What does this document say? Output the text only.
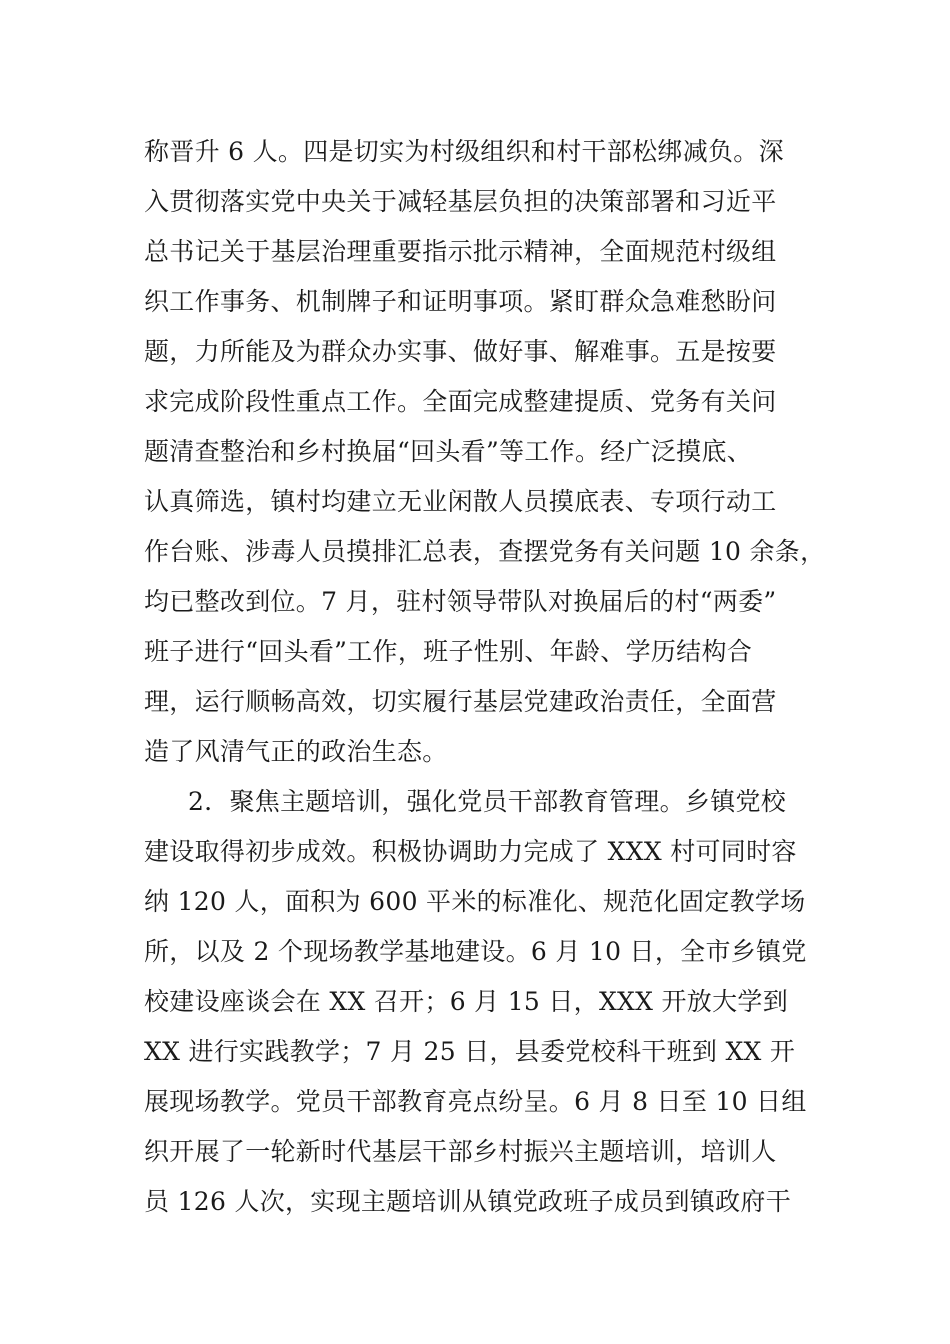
称晋升 6 人。四是切实为村级组织和村干部松绑减负。深

入贯彻落实党中央关于减轻基层负担的决策部署和习近平

总书记关于基层治理重要指示批示精神，全面规范村级组

织工作事务、机制牌子和证明事项。紧盯群众急难愁盼问

题，力所能及为群众办实事、做好事、解难事。五是按要

求完成阶段性重点工作。全面完成整建提质、党务有关问

题清查整治和乡村换届“回头看”等工作。经广泛摸底、

认真筛选，镇村均建立无业闲散人员摸底表、专项行动工

作台账、涉毒人员摸排汇总表，查摆党务有关问题 10 余条，

均已整改到位。7 月，驻村领导带队对换届后的村“两委”

班子进行“回头看”工作，班子性别、年龄、学历结构合

理，运行顺畅高效，切实履行基层党建政治责任，全面营

造了风清气正的政治生态。

2．聚焦主题培训，强化党员干部教育管理。乡镇党校

建设取得初步成效。积极协调助力完成了 XXX 村可同时容

纳 120 人，面积为 600 平米的标准化、规范化固定教学场

所，以及 2 个现场教学基地建设。6 月 10 日，全市乡镇党

校建设座谈会在 XX 召开；6 月 15 日，XXX 开放大学到

XX 进行实践教学；7 月 25 日，县委党校科干班到 XX 开

展现场教学。党员干部教育亮点纷呈。6 月 8 日至 10 日组

织开展了一轮新时代基层干部乡村振兴主题培训，培训人

员 126 人次，实现主题培训从镇党政班子成员到镇政府干
